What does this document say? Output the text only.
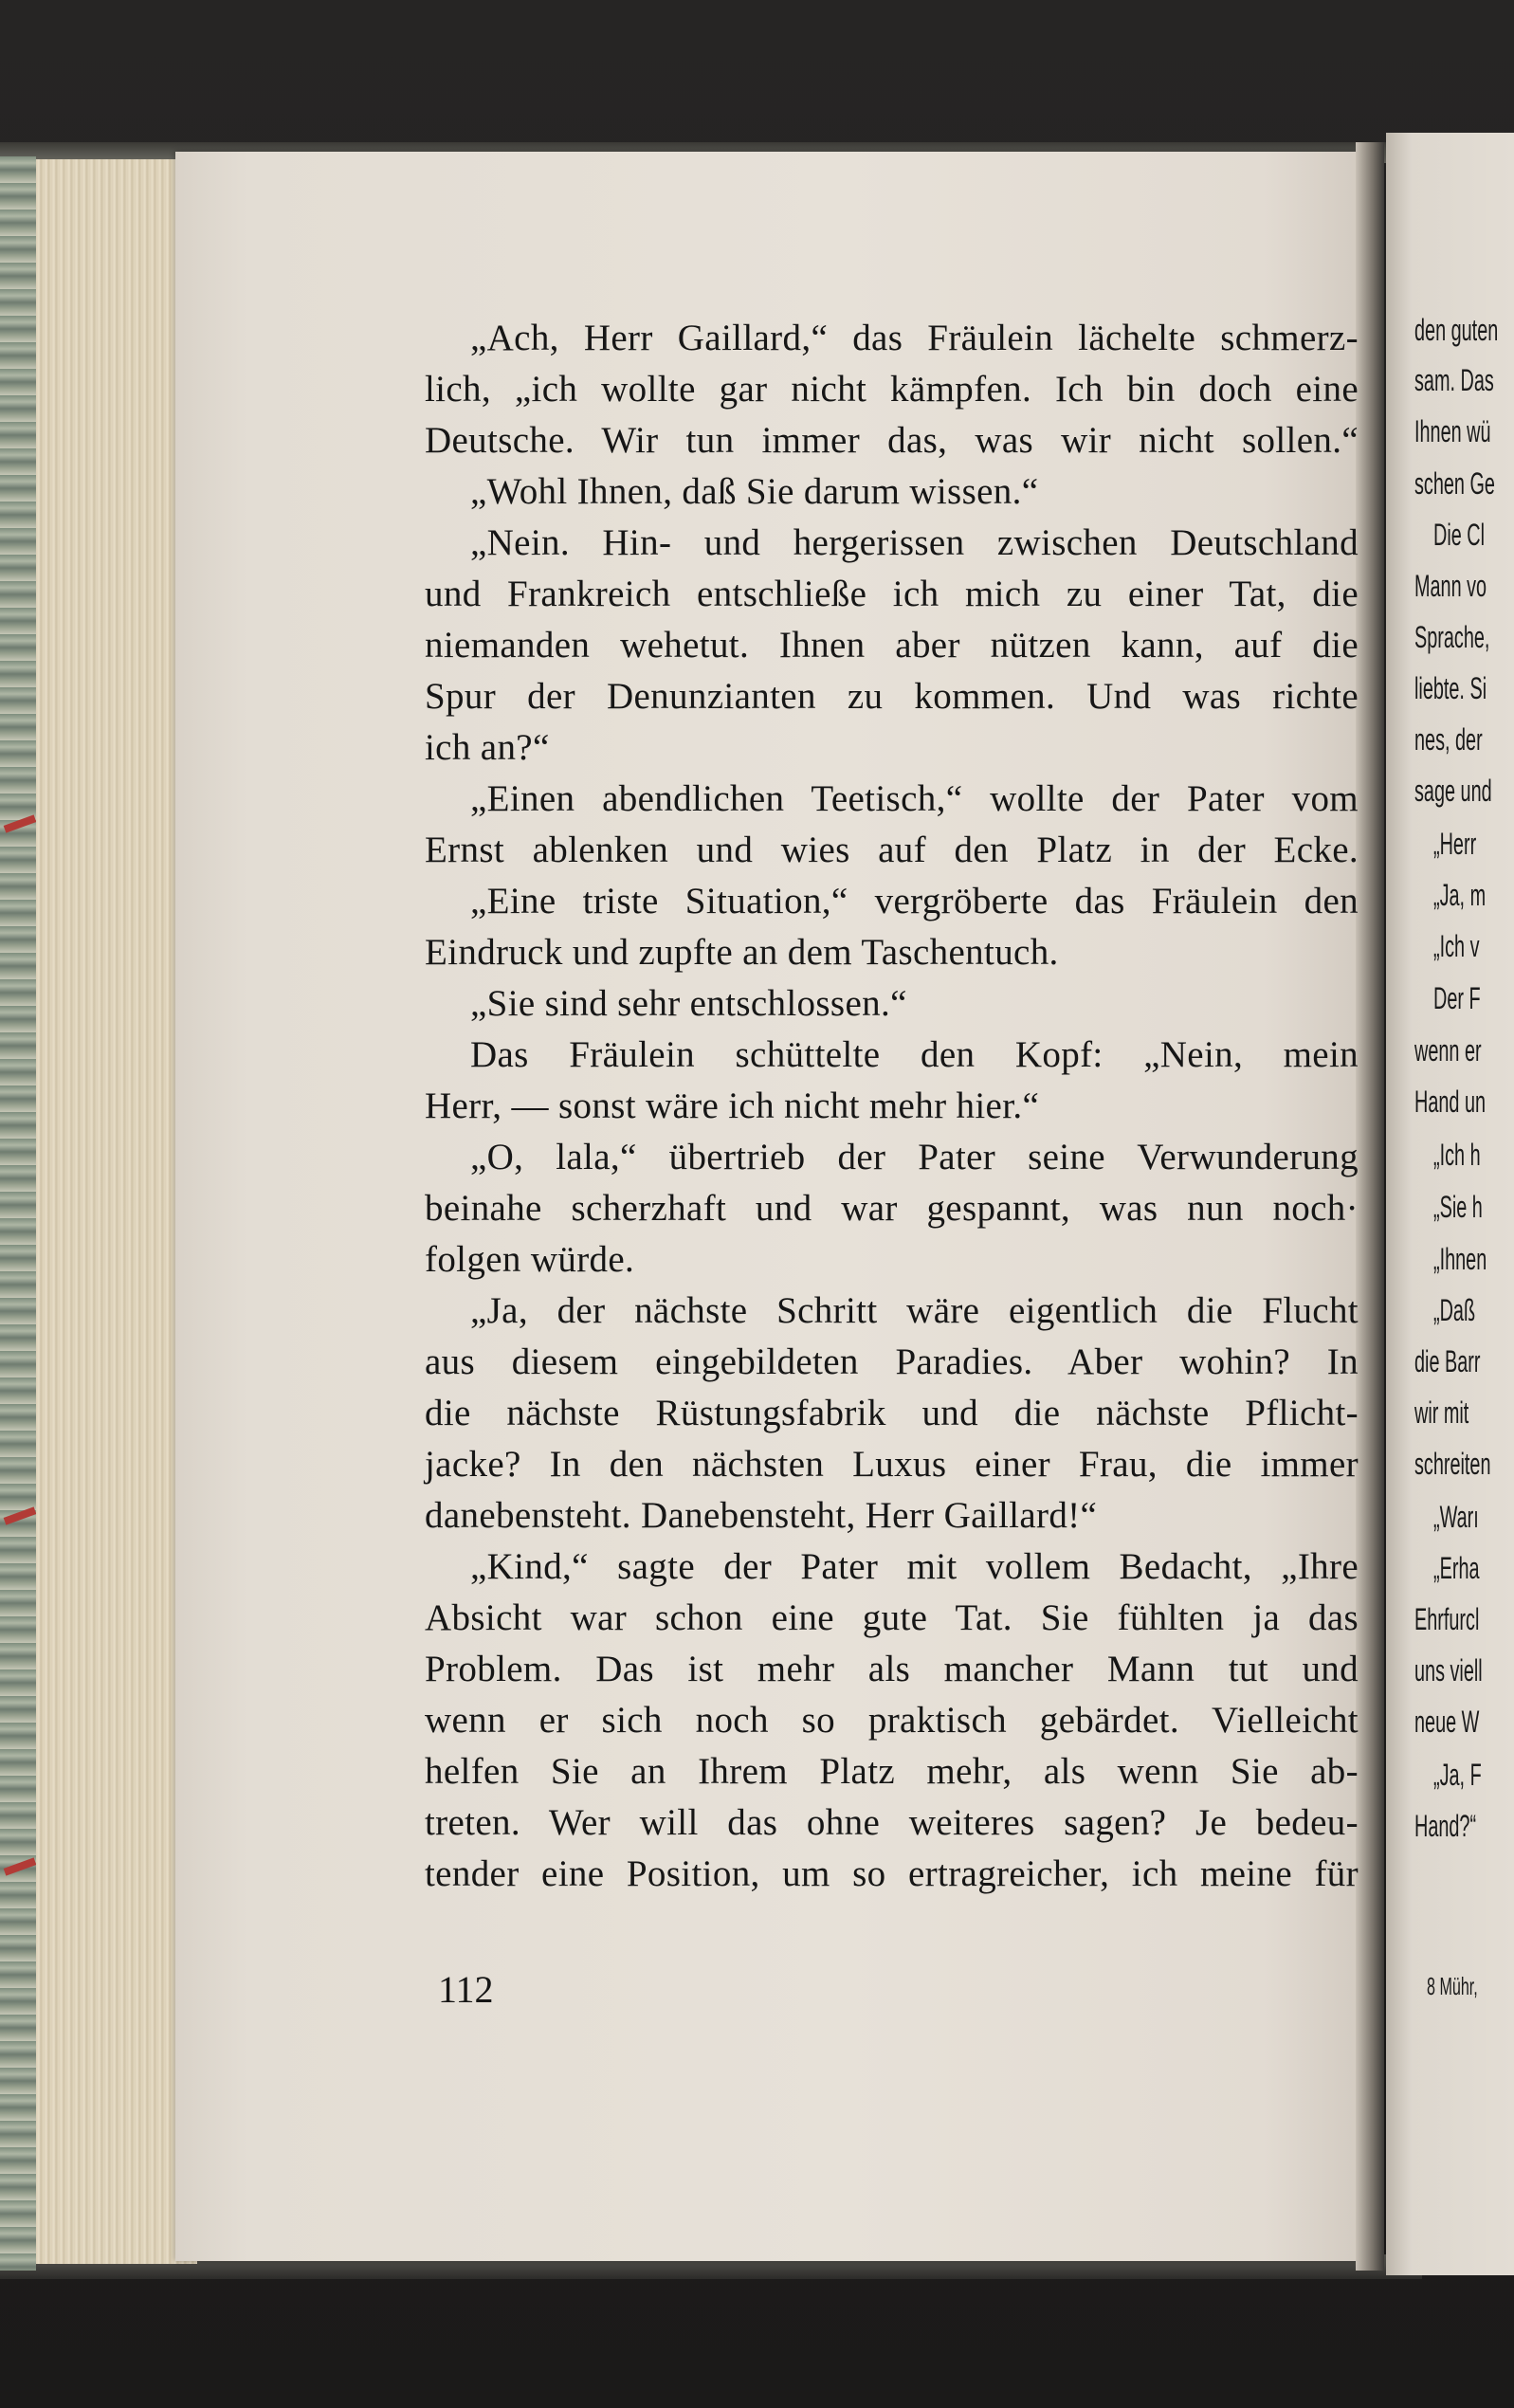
„Ach, Herr Gaillard,“ das Fräulein lächelte schmerz-
lich, „ich wollte gar nicht kämpfen. Ich bin doch eine
Deutsche. Wir tun immer das, was wir nicht sollen.“
„Wohl Ihnen, daß Sie darum wissen.“
„Nein. Hin- und hergerissen zwischen Deutschland
und Frankreich entschließe ich mich zu einer Tat, die
niemanden wehetut. Ihnen aber nützen kann, auf die
Spur der Denunzianten zu kommen. Und was richte
ich an?“
„Einen abendlichen Teetisch,“ wollte der Pater vom
Ernst ablenken und wies auf den Platz in der Ecke.
„Eine triste Situation,“ vergröberte das Fräulein den
Eindruck und zupfte an dem Taschentuch.
„Sie sind sehr entschlossen.“
Das Fräulein schüttelte den Kopf: „Nein, mein
Herr, — sonst wäre ich nicht mehr hier.“
„O, lala,“ übertrieb der Pater seine Verwunderung
beinahe scherzhaft und war gespannt, was nun noch·
folgen würde.
„Ja, der nächste Schritt wäre eigentlich die Flucht
aus diesem eingebildeten Paradies. Aber wohin? In
die nächste Rüstungsfabrik und die nächste Pflicht-
jacke? In den nächsten Luxus einer Frau, die immer
danebensteht. Danebensteht, Herr Gaillard!“
„Kind,“ sagte der Pater mit vollem Bedacht, „Ihre
Absicht war schon eine gute Tat. Sie fühlten ja das
Problem. Das ist mehr als mancher Mann tut und
wenn er sich noch so praktisch gebärdet. Vielleicht
helfen Sie an Ihrem Platz mehr, als wenn Sie ab-
treten. Wer will das ohne weiteres sagen? Je bedeu-
tender eine Position, um so ertragreicher, ich meine für

112

den guten
sam. Das
Ihnen wü
schen Ge
Die Cl
Mann vo
Sprache,
liebte. Si
nes, der
sage und
„Herr
„Ja, m
„Ich v
Der F
wenn er
Hand un
„Ich h
„Sie h
„Ihnen
„Daß
die Barr
wir mit
schreiten
„Warı
„Erha
Ehrfurcl
uns viell
neue W
„Ja, F
Hand?“
8 Mühr,
